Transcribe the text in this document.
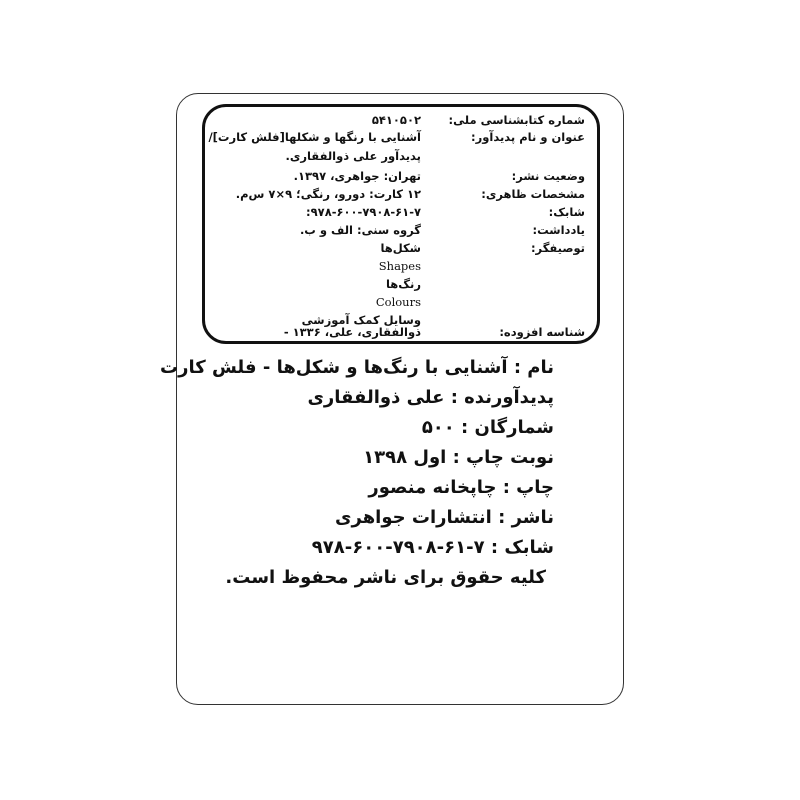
شماره کتابشناسی ملی:
۵۴۱۰۵۰۲
عنوان و نام پدیدآور:
آشنایی با رنگها و شکلها[فلش کارت]/
پدیدآور علی ذوالفقاری.
وضعیت نشر:
تهران: جواهری، ۱۳۹۷.
مشخصات ظاهری:
۱۲ کارت: دورو، رنگی؛ ۹×۷ س‌م.
شابک:
۹۷۸-۶۰۰-۷۹۰۸-۶۱-۷:
یادداشت:
گروه سنی: الف و ب.
توصیفگر:
شکل‌ها
Shapes
رنگ‌ها
Colours
وسایل کمک آموزشی
شناسه افزوده:
ذوالفقاری، علی، ۱۳۳۶ -
نام : آشنایی با رنگ‌ها و شکل‌ها - فلش کارت
پدیدآورنده : علی ذوالفقاری
شمارگان : ۵۰۰
نوبت چاپ : اول ۱۳۹۸
چاپ : چاپخانه منصور
ناشر : انتشارات جواهری
شابک : ۷-۶۱-۷۹۰۸-۶۰۰-۹۷۸
کلیه حقوق برای ناشر محفوظ است.
